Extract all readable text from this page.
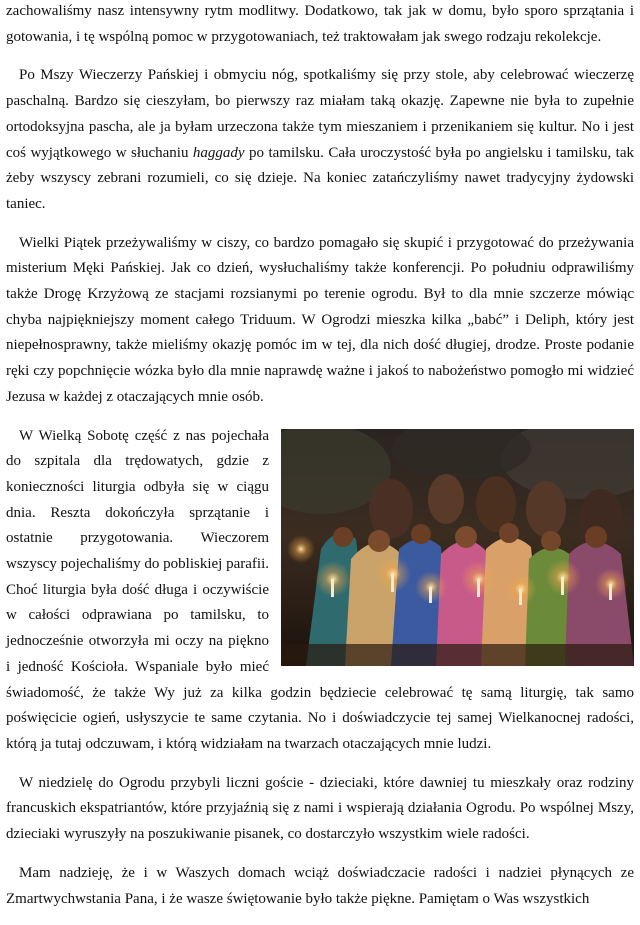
zachowaliśmy nasz intensywny rytm modlitwy. Dodatkowo, tak jak w domu, było sporo sprzątania i gotowania, i tę wspólną pomoc w przygotowaniach, też traktowałam jak swego rodzaju rekolekcje.

Po Mszy Wieczerzy Pańskiej i obmyciu nóg, spotkaliśmy się przy stole, aby celebrować wieczerzę paschalną. Bardzo się cieszyłam, bo pierwszy raz miałam taką okazję. Zapewne nie była to zupełnie ortodoksyjna pascha, ale ja byłam urzeczona także tym mieszaniem i przenikaniem się kultur. No i jest coś wyjątkowego w słuchaniu haggady po tamilsku. Cała uroczystość była po angielsku i tamilsku, tak żeby wszyscy zebrani rozumieli, co się dzieje. Na koniec zatańczyliśmy nawet tradycyjny żydowski taniec.

Wielki Piątek przeżywaliśmy w ciszy, co bardzo pomagało się skupić i przygotować do przeżywania misterium Męki Pańskiej. Jak co dzień, wysłuchaliśmy także konferencji. Po południu odprawiliśmy także Drogę Krzyżową ze stacjami rozsianymi po terenie ogrodu. Był to dla mnie szczerze mówiąc chyba najpiękniejszy moment całego Triduum. W Ogrodzi mieszka kilka „babć” i Deliph, który jest niepełnosprawny, także mieliśmy okazję pomóc im w tej, dla nich dość długiej, drodze. Proste podanie ręki czy popchnięcie wózka było dla mnie naprawdę ważne i jakoś to nabożeństwo pomogło mi widzieć Jezusa w każdej z otaczających mnie osób.

W Wielką Sobotę część z nas pojechała do szpitala dla trędowatych, gdzie z konieczności liturgia odbyła się w ciągu dnia. Reszta dokończyła sprzątanie i ostatnie przygotowania. Wieczorem wszyscy pojechaliśmy do pobliskiej parafii. Choć liturgia była dość długa i oczywiście w całości odprawiana po tamilsku, to jednocześnie otworzyła mi oczy na piękno i jedność Kościoła. Wspaniale było mieć świadomość, że także Wy już za kilka godzin będziecie celebrować tę samą liturgię, tak samo poświęcicie ogień, usłyszycie te same czytania. No i doświadczycie tej samej Wielkanocnej radości, którą ja tutaj odczuwam, i którą widziałam na twarzach otaczających mnie ludzi.

W niedzielę do Ogrodu przybyli liczni goście - dzieciaki, które dawniej tu mieszkały oraz rodziny francuskich ekspatriantów, które przyjaźnią się z nami i wspierają działania Ogrodu. Po wspólnej Mszy, dzieciaki wyruszyły na poszukiwanie pisanek, co dostarczyło wszystkim wiele radości.

Mam nadzieję, że i w Waszych domach wciąż doświadczacie radości i nadziei płynących ze Zmartwychwstania Pana, i że wasze świętowanie było także piękne. Pamiętam o Was wszystkich
